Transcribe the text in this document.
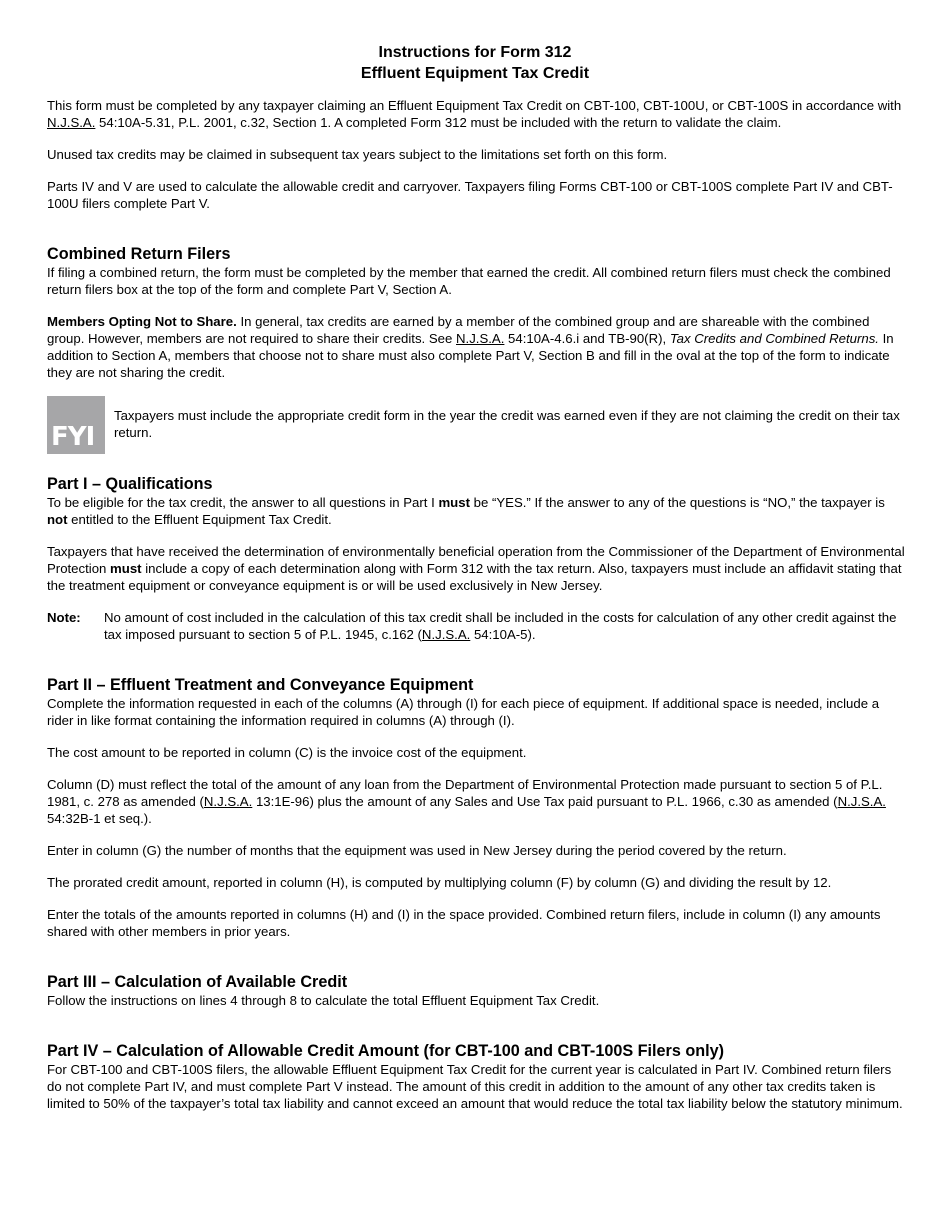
Instructions for Form 312
Effluent Equipment Tax Credit

This form must be completed by any taxpayer claiming an Effluent Equipment Tax Credit on CBT-100, CBT-100U, or CBT-100S in accordance with N.J.S.A. 54:10A-5.31, P.L. 2001, c.32, Section 1. A completed Form 312 must be included with the return to validate the claim.

Unused tax credits may be claimed in subsequent tax years subject to the limitations set forth on this form.

Parts IV and V are used to calculate the allowable credit and carryover. Taxpayers filing Forms CBT-100 or CBT-100S complete Part IV and CBT-100U filers complete Part V.

Combined Return Filers

If filing a combined return, the form must be completed by the member that earned the credit. All combined return filers must check the combined return filers box at the top of the form and complete Part V, Section A.

Members Opting Not to Share. In general, tax credits are earned by a member of the combined group and are shareable with the combined group. However, members are not required to share their credits. See N.J.S.A. 54:10A-4.6.i and TB-90(R), Tax Credits and Combined Returns. In addition to Section A, members that choose not to share must also complete Part V, Section B and fill in the oval at the top of the form to indicate they are not sharing the credit.

FYI

Taxpayers must include the appropriate credit form in the year the credit was earned even if they are not claiming the credit on their tax return.

Part I – Qualifications

To be eligible for the tax credit, the answer to all questions in Part I must be “YES.” If the answer to any of the questions is “NO,” the taxpayer is not entitled to the Effluent Equipment Tax Credit.

Taxpayers that have received the determination of environmentally beneficial operation from the Commissioner of the Department of Environmental Protection must include a copy of each determination along with Form 312 with the tax return. Also, taxpayers must include an affidavit stating that the treatment equipment or conveyance equipment is or will be used exclusively in New Jersey.

Note:	No amount of cost included in the calculation of this tax credit shall be included in the costs for calculation of any other credit against the tax imposed pursuant to section 5 of P.L. 1945, c.162 (N.J.S.A. 54:10A-5).

Part II – Effluent Treatment and Conveyance Equipment

Complete the information requested in each of the columns (A) through (I) for each piece of equipment. If additional space is needed, include a rider in like format containing the information required in columns (A) through (I).

The cost amount to be reported in column (C) is the invoice cost of the equipment.

Column (D) must reflect the total of the amount of any loan from the Department of Environmental Protection made pursuant to section 5 of P.L. 1981, c. 278 as amended (N.J.S.A. 13:1E-96) plus the amount of any Sales and Use Tax paid pursuant to P.L. 1966, c.30 as amended (N.J.S.A. 54:32B-1 et seq.).

Enter in column (G) the number of months that the equipment was used in New Jersey during the period covered by the return.

The prorated credit amount, reported in column (H), is computed by multiplying column (F) by column (G) and dividing the result by 12.

Enter the totals of the amounts reported in columns (H) and (I) in the space provided. Combined return filers, include in column (I) any amounts shared with other members in prior years.

Part III – Calculation of Available Credit

Follow the instructions on lines 4 through 8 to calculate the total Effluent Equipment Tax Credit.

Part IV – Calculation of Allowable Credit Amount (for CBT-100 and CBT-100S Filers only)

For CBT-100 and CBT-100S filers, the allowable Effluent Equipment Tax Credit for the current year is calculated in Part IV. Combined return filers do not complete Part IV, and must complete Part V instead. The amount of this credit in addition to the amount of any other tax credits taken is limited to 50% of the taxpayer’s total tax liability and cannot exceed an amount that would reduce the total tax liability below the statutory minimum.
